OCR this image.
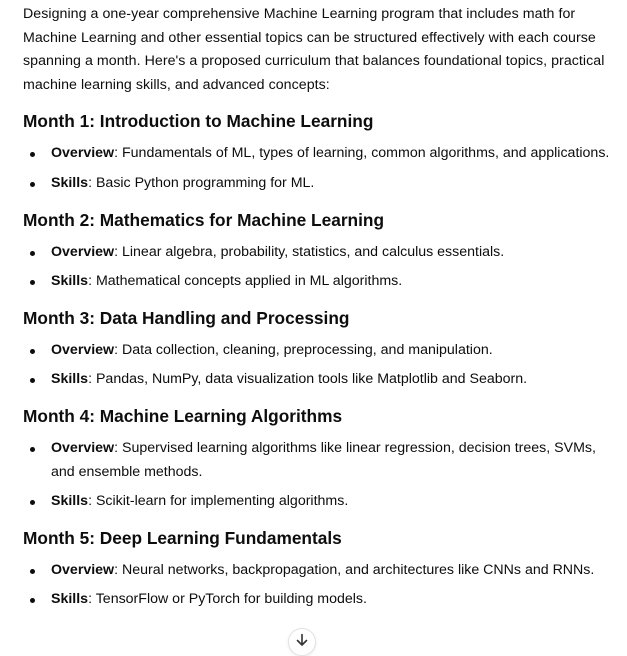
Designing a one-year comprehensive Machine Learning program that includes math for Machine Learning and other essential topics can be structured effectively with each course spanning a month. Here's a proposed curriculum that balances foundational topics, practical machine learning skills, and advanced concepts:

Month 1: Introduction to Machine Learning
Overview: Fundamentals of ML, types of learning, common algorithms, and applications.
Skills: Basic Python programming for ML.
Month 2: Mathematics for Machine Learning
Overview: Linear algebra, probability, statistics, and calculus essentials.
Skills: Mathematical concepts applied in ML algorithms.
Month 3: Data Handling and Processing
Overview: Data collection, cleaning, preprocessing, and manipulation.
Skills: Pandas, NumPy, data visualization tools like Matplotlib and Seaborn.
Month 4: Machine Learning Algorithms
Overview: Supervised learning algorithms like linear regression, decision trees, SVMs, and ensemble methods.
Skills: Scikit-learn for implementing algorithms.
Month 5: Deep Learning Fundamentals
Overview: Neural networks, backpropagation, and architectures like CNNs and RNNs.
Skills: TensorFlow or PyTorch for building models.
